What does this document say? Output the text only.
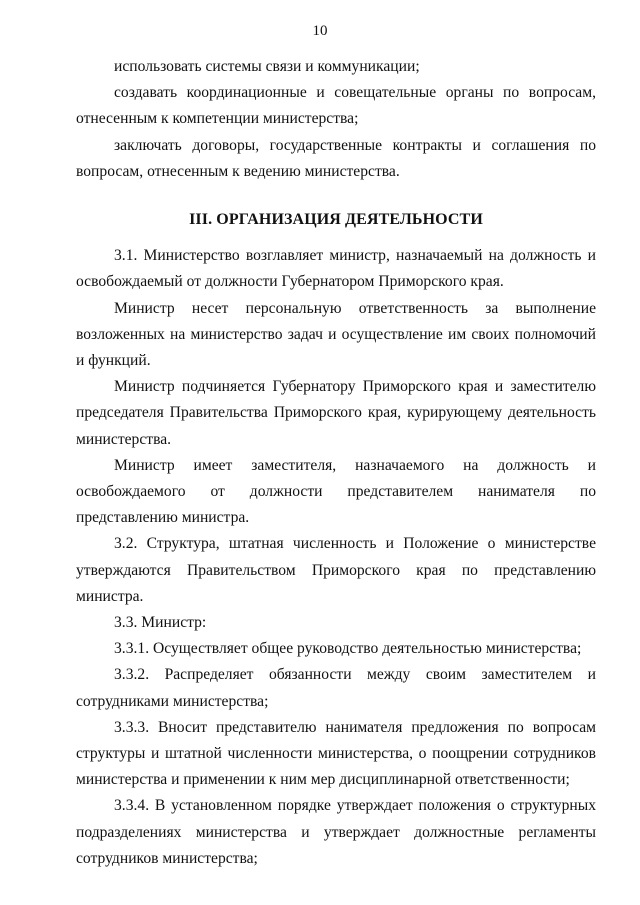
10

использовать системы связи и коммуникации;

создавать координационные и совещательные органы по вопросам, отнесенным к компетенции министерства;

заключать договоры, государственные контракты и соглашения по вопросам, отнесенным к ведению министерства.

III. ОРГАНИЗАЦИЯ ДЕЯТЕЛЬНОСТИ

3.1. Министерство возглавляет министр, назначаемый на должность и освобождаемый от должности Губернатором Приморского края.

Министр несет персональную ответственность за выполнение возложенных на министерство задач и осуществление им своих полномочий и функций.

Министр подчиняется Губернатору Приморского края и заместителю председателя Правительства Приморского края, курирующему деятельность министерства.

Министр имеет заместителя, назначаемого на должность и освобождаемого от должности представителем нанимателя по представлению министра.

3.2. Структура, штатная численность и Положение о министерстве утверждаются Правительством Приморского края по представлению министра.

3.3. Министр:

3.3.1. Осуществляет общее руководство деятельностью министерства;

3.3.2. Распределяет обязанности между своим заместителем и сотрудниками министерства;

3.3.3. Вносит представителю нанимателя предложения по вопросам структуры и штатной численности министерства, о поощрении сотрудников министерства и применении к ним мер дисциплинарной ответственности;

3.3.4. В установленном порядке утверждает положения о структурных подразделениях министерства и утверждает должностные регламенты сотрудников министерства;
